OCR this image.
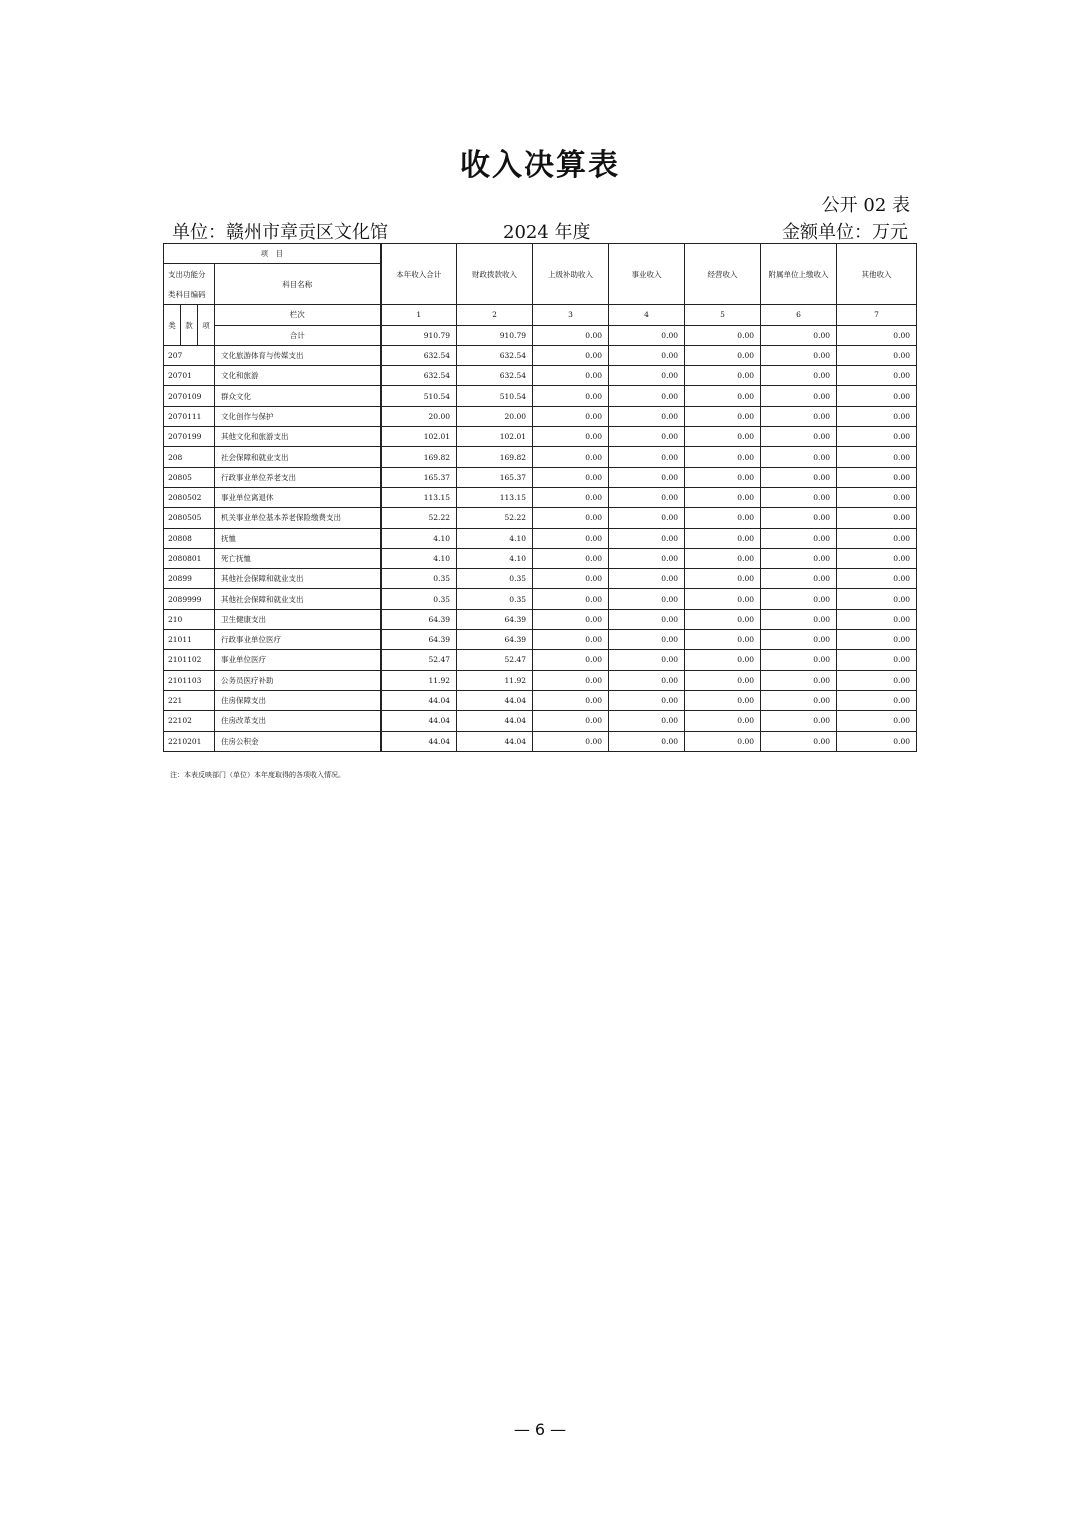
收入决算表
公开 02 表
单位：赣州市章贡区文化馆	2024 年度	金额单位：万元
项　目				本年收入合计	财政拨款收入	上级补助收入	事业收入	经营收入	附属单位上缴收入	其他收入
支出功能分			科目名称							
类科目编码										
类	款	项	栏次	1	2	3	4	5	6	7
			合计	910.79	910.79	0.00	0.00	0.00	0.00	0.00
207			文化旅游体育与传媒支出	632.54	632.54	0.00	0.00	0.00	0.00	0.00
20701			文化和旅游	632.54	632.54	0.00	0.00	0.00	0.00	0.00
2070109			群众文化	510.54	510.54	0.00	0.00	0.00	0.00	0.00
2070111			文化创作与保护	20.00	20.00	0.00	0.00	0.00	0.00	0.00
2070199			其他文化和旅游支出	102.01	102.01	0.00	0.00	0.00	0.00	0.00
208			社会保障和就业支出	169.82	169.82	0.00	0.00	0.00	0.00	0.00
20805			行政事业单位养老支出	165.37	165.37	0.00	0.00	0.00	0.00	0.00
2080502			事业单位离退休	113.15	113.15	0.00	0.00	0.00	0.00	0.00
2080505			机关事业单位基本养老保险缴费支出	52.22	52.22	0.00	0.00	0.00	0.00	0.00
20808			抚恤	4.10	4.10	0.00	0.00	0.00	0.00	0.00
2080801			死亡抚恤	4.10	4.10	0.00	0.00	0.00	0.00	0.00
20899			其他社会保障和就业支出	0.35	0.35	0.00	0.00	0.00	0.00	0.00
2089999			其他社会保障和就业支出	0.35	0.35	0.00	0.00	0.00	0.00	0.00
210			卫生健康支出	64.39	64.39	0.00	0.00	0.00	0.00	0.00
21011			行政事业单位医疗	64.39	64.39	0.00	0.00	0.00	0.00	0.00
2101102			事业单位医疗	52.47	52.47	0.00	0.00	0.00	0.00	0.00
2101103			公务员医疗补助	11.92	11.92	0.00	0.00	0.00	0.00	0.00
221			住房保障支出	44.04	44.04	0.00	0.00	0.00	0.00	0.00
22102			住房改革支出	44.04	44.04	0.00	0.00	0.00	0.00	0.00
2210201			住房公积金	44.04	44.04	0.00	0.00	0.00	0.00	0.00
注：本表反映部门（单位）本年度取得的各项收入情况。
— 6 —
